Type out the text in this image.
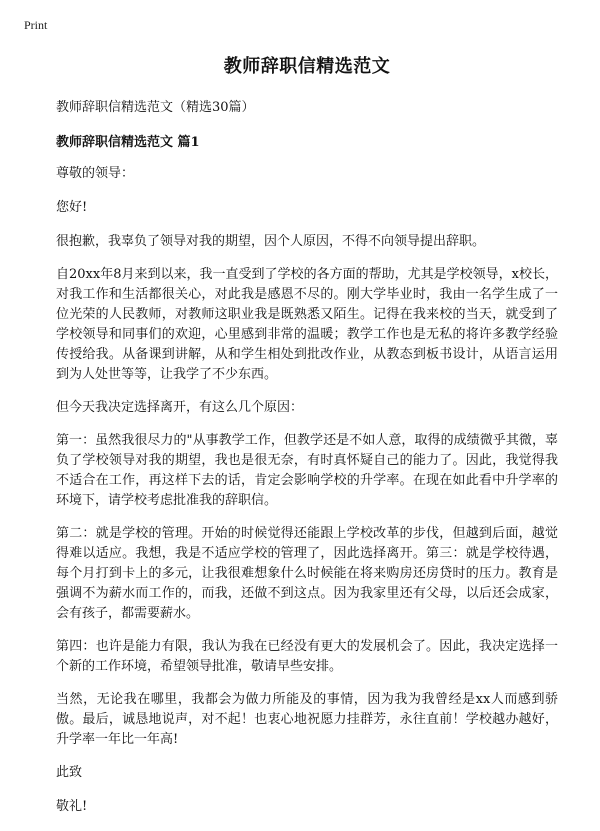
Print
教师辞职信精选范文

教师辞职信精选范文（精选30篇）

教师辞职信精选范文 篇1

尊敬的领导：

您好!

很抱歉，我辜负了领导对我的期望，因个人原因，不得不向领导提出辞职。

自20xx年8月来到以来，我一直受到了学校的各方面的帮助，尤其是学校领导，x校长，对我工作和生活都很关心，对此我是感恩不尽的。刚大学毕业时，我由一名学生成了一位光荣的人民教师，对教师这职业我是既熟悉又陌生。记得在我来校的当天，就受到了学校领导和同事们的欢迎，心里感到非常的温暖；教学工作也是无私的将许多教学经验传授给我。从备课到讲解，从和学生相处到批改作业，从教态到板书设计，从语言运用到为人处世等等，让我学了不少东西。

但今天我决定选择离开，有这么几个原因：

第一：虽然我很尽力的"从事教学工作，但教学还是不如人意，取得的成绩微乎其微，辜负了学校领导对我的期望，我也是很无奈，有时真怀疑自己的能力了。因此，我觉得我不适合在工作，再这样下去的话，肯定会影响学校的升学率。在现在如此看中升学率的环境下，请学校考虑批准我的辞职信。

第二：就是学校的管理。开始的时候觉得还能跟上学校改革的步伐，但越到后面，越觉得难以适应。我想，我是不适应学校的管理了，因此选择离开。第三：就是学校待遇，每个月打到卡上的多元，让我很难想象什么时候能在将来购房还房贷时的压力。教育是强调不为薪水而工作的，而我，还做不到这点。因为我家里还有父母，以后还会成家，会有孩子，都需要薪水。

第四：也许是能力有限，我认为我在已经没有更大的发展机会了。因此，我决定选择一个新的工作环境，希望领导批准，敬请早些安排。

当然，无论我在哪里，我都会为做力所能及的事情，因为我为我曾经是xx人而感到骄傲。最后，诚恳地说声，对不起！也衷心地祝愿力挂群芳，永往直前！学校越办越好，升学率一年比一年高!

此致

敬礼!
